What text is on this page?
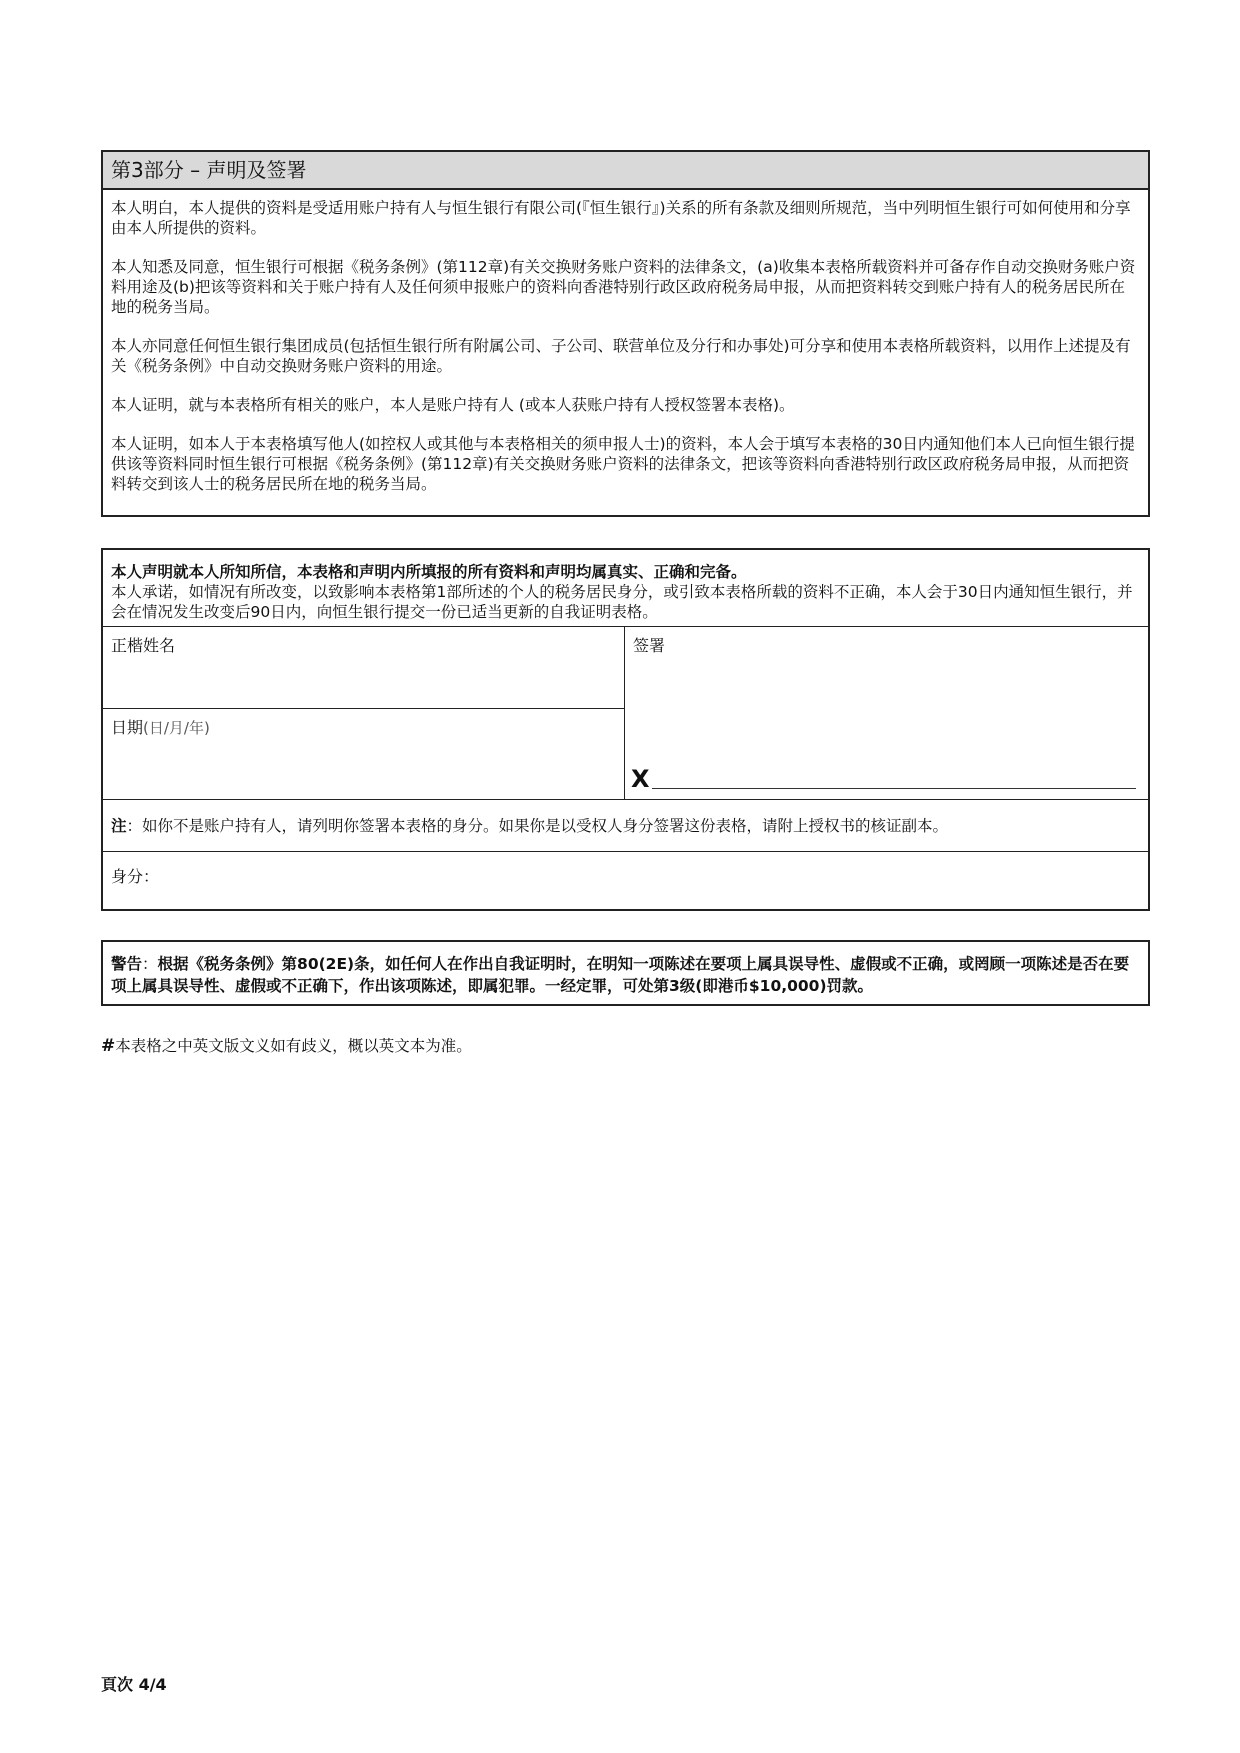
第3部分 – 声明及签署

本人明白，本人提供的资料是受适用账户持有人与恒生银行有限公司(『恒生银行』)关系的所有条款及细则所规范，当中列明恒生银行可如何使用和分享由本人所提供的资料。

本人知悉及同意，恒生银行可根据《税务条例》(第112章)有关交换财务账户资料的法律条文，(a)收集本表格所载资料并可备存作自动交换财务账户资料用途及(b)把该等资料和关于账户持有人及任何须申报账户的资料向香港特别行政区政府税务局申报，从而把资料转交到账户持有人的税务居民所在地的税务当局。

本人亦同意任何恒生银行集团成员(包括恒生银行所有附属公司、子公司、联营单位及分行和办事处)可分享和使用本表格所载资料，以用作上述提及有关《税务条例》中自动交换财务账户资料的用途。

本人证明，就与本表格所有相关的账户，本人是账户持有人 (或本人获账户持有人授权签署本表格)。

本人证明，如本人于本表格填写他人(如控权人或其他与本表格相关的须申报人士)的资料，本人会于填写本表格的30日内通知他们本人已向恒生银行提供该等资料同时恒生银行可根据《税务条例》(第112章)有关交换财务账户资料的法律条文，把该等资料向香港特别行政区政府税务局申报，从而把资料转交到该人士的税务居民所在地的税务当局。

本人声明就本人所知所信，本表格和声明内所填报的所有资料和声明均属真实、正确和完备。
本人承诺，如情况有所改变，以致影响本表格第1部所述的个人的税务居民身分，或引致本表格所载的资料不正确，本人会于30日内通知恒生银行，并会在情况发生改变后90日内，向恒生银行提交一份已适当更新的自我证明表格。
正楷姓名
日期(日/月/年)
签署
X
注：如你不是账户持有人，请列明你签署本表格的身分。如果你是以受权人身分签署这份表格，请附上授权书的核证副本。
身分：
警告：根据《税务条例》第80(2E)条，如任何人在作出自我证明时，在明知一项陈述在要项上属具误导性、虚假或不正确，或罔顾一项陈述是否在要项上属具误导性、虚假或不正确下，作出该项陈述，即属犯罪。一经定罪，可处第3级(即港币$10,000)罚款。
#本表格之中英文版文义如有歧义，概以英文本为准。
頁次 4/4
